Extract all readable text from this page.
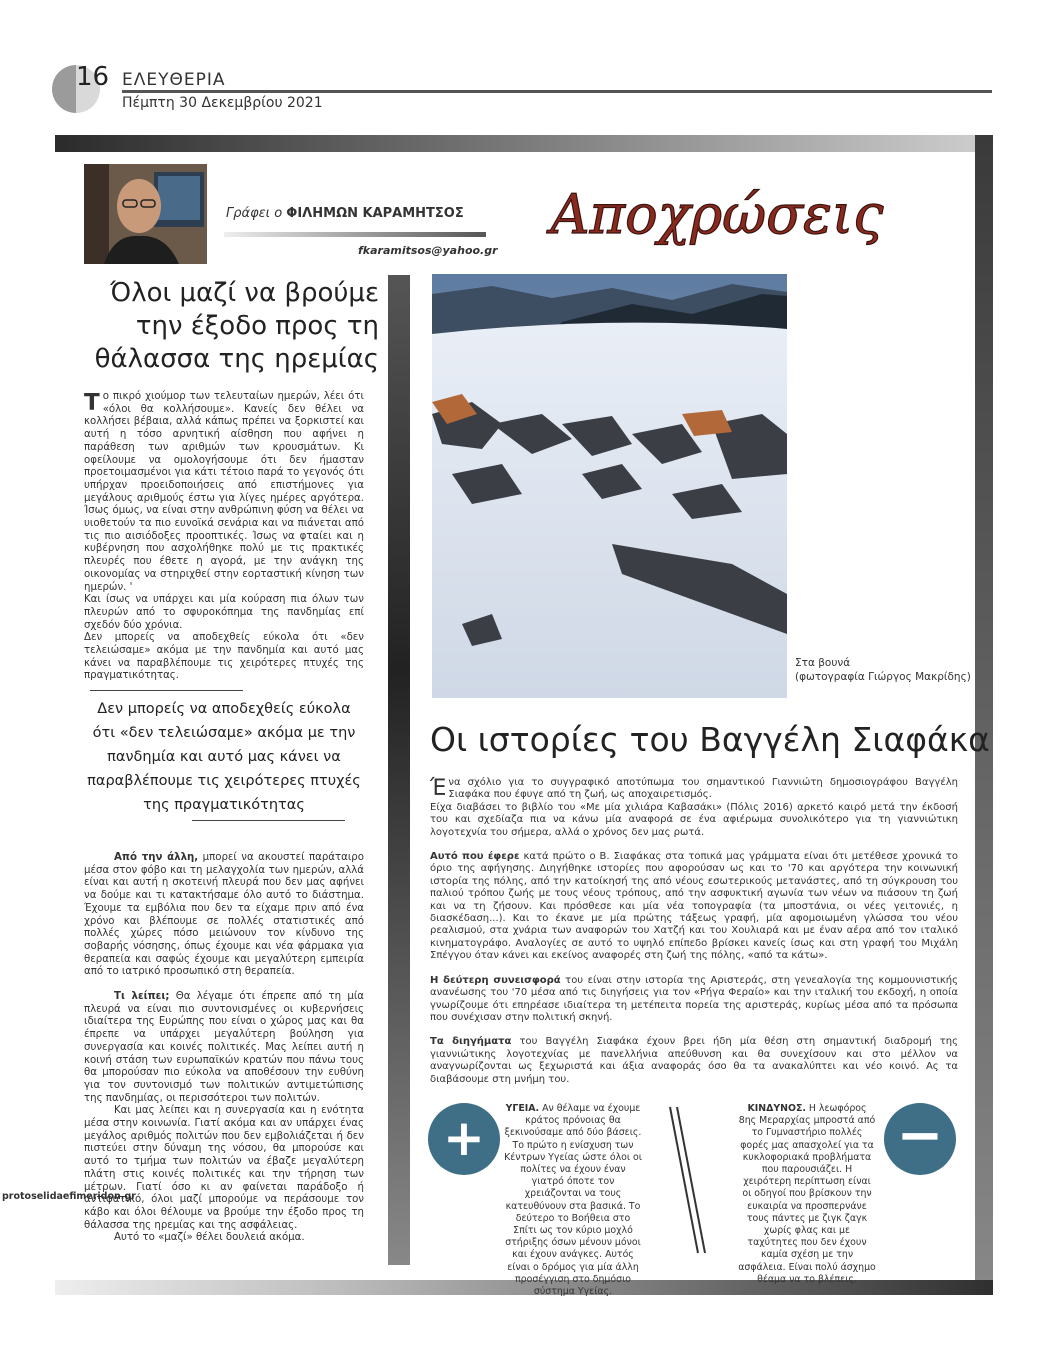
16 ΕΛΕΥΘΕΡΙΑ
Πέμπτη 30 Δεκεμβρίου 2021
Γράφει ο ΦΙΛΗΜΩΝ ΚΑΡΑΜΗΤΣΟΣ
fkaramitsos@yahoo.gr
Αποχρώσεις
Όλοι μαζί να βρούμε την έξοδο προς τη θάλασσα της ηρεμίας

Το πικρό χιούμορ των τελευταίων ημερών, λέει ότι «όλοι θα κολλήσουμε». Κανείς δεν θέλει να κολλήσει βέβαια, αλλά κάπως πρέπει να ξορκιστεί και αυτή η τόσο αρνητική αίσθηση που αφήνει η παράθεση των αριθμών των κρουσμάτων. Κι οφείλουμε να ομολογήσουμε ότι δεν ήμασταν προετοιμασμένοι για κάτι τέτοιο παρά το γεγονός ότι υπήρχαν προειδοποιήσεις από επιστήμονες για μεγάλους αριθμούς έστω για λίγες ημέρες αργότερα. Ίσως όμως, να είναι στην ανθρώπινη φύση να θέλει να υιοθετούν τα πιο ευνοϊκά σενάρια και να πιάνεται από τις πιο αισιόδοξες προοπτικές. Ίσως να φταίει και η κυβέρνηση που ασχολήθηκε πολύ με τις πρακτικές πλευρές που έθετε η αγορά, με την ανάγκη της οικονομίας να στηριχθεί στην εορταστική κίνηση των ημερών. '

Και ίσως να υπάρχει και μία κούραση πια όλων των πλευρών από το σφυροκόπημα της πανδημίας επί σχεδόν δύο χρόνια.

Δεν μπορείς να αποδεχθείς εύκολα ότι «δεν τελειώσαμε» ακόμα με την πανδημία και αυτό μας κάνει να παραβλέπουμε τις χειρότερες πτυχές της πραγματικότητας.

Δεν μπορείς να αποδεχθείς εύκολα ότι «δεν τελειώσαμε» ακόμα με την πανδημία και αυτό μας κάνει να παραβλέπουμε τις χειρότερες πτυχές της πραγματικότητας

Από την άλλη, μπορεί να ακουστεί παράταιρο μέσα στον φόβο και τη μελαγχολία των ημερών, αλλά είναι και αυτή η σκοτεινή πλευρά που δεν μας αφήνει να δούμε και τι κατακτήσαμε όλο αυτό το διάστημα. Έχουμε τα εμβόλια που δεν τα είχαμε πριν από ένα χρόνο και βλέπουμε σε πολλές στατιστικές από πολλές χώρες πόσο μειώνουν τον κίνδυνο της σοβαρής νόσησης, όπως έχουμε και νέα φάρμακα για θεραπεία και σαφώς έχουμε και μεγαλύτερη εμπειρία από το ιατρικό προσωπικό στη θεραπεία.

Τι λείπει; Θα λέγαμε ότι έπρεπε από τη μία πλευρά να είναι πιο συντονισμένες οι κυβερνήσεις ιδιαίτερα της Ευρώπης που είναι ο χώρος μας και θα έπρεπε να υπάρχει μεγαλύτερη βούληση για συνεργασία και κοινές πολιτικές. Μας λείπει αυτή η κοινή στάση των ευρωπαϊκών κρατών που πάνω τους θα μπορούσαν πιο εύκολα να αποθέσουν την ευθύνη για τον συντονισμό των πολιτικών αντιμετώπισης της πανδημίας, οι περισσότεροι των πολιτών.

Και μας λείπει και η συνεργασία και η ενότητα μέσα στην κοινωνία. Γιατί ακόμα και αν υπάρχει ένας μεγάλος αριθμός πολιτών που δεν εμβολιάζεται ή δεν πιστεύει στην δύναμη της νόσου, θα μπορούσε και αυτό το τμήμα των πολιτών να έβαζε μεγαλύτερη πλάτη στις κοινές πολιτικές και την τήρηση των μέτρων. Γιατί όσο κι αν φαίνεται παράδοξο ή αντιφατικό, όλοι μαζί μπορούμε να περάσουμε τον κάβο και όλοι θέλουμε να βρούμε την έξοδο προς τη θάλασσα της ηρεμίας και της ασφάλειας.

Αυτό το «μαζί» θέλει δουλειά ακόμα.

Στα βουνά
(φωτογραφία Γιώργος Μακρίδης)
Οι ιστορίες του Βαγγέλη Σιαφάκα

Ένα σχόλιο για το συγγραφικό αποτύπωμα του σημαντικού Γιαννιώτη δημοσιογράφου Βαγγέλη Σιαφάκα που έφυγε από τη ζωή, ως αποχαιρετισμός.

Είχα διαβάσει το βιβλίο του «Με μία χιλιάρα Καβασάκι» (Πόλις 2016) αρκετό καιρό μετά την έκδοσή του και σχεδίαζα πια να κάνω μία αναφορά σε ένα αφιέρωμα συνολικότερο για τη γιαννιώτικη λογοτεχνία του σήμερα, αλλά ο χρόνος δεν μας ρωτά.

Αυτό που έφερε κατά πρώτο ο Β. Σιαφάκας στα τοπικά μας γράμματα είναι ότι μετέθεσε χρονικά το όριο της αφήγησης. Διηγήθηκε ιστορίες που αφορούσαν ως και το '70 και αργότερα την κοινωνική ιστορία της πόλης, από την κατοίκησή της από νέους εσωτερικούς μετανάστες, από τη σύγκρουση του παλιού τρόπου ζωής με τους νέους τρόπους, από την ασφυκτική αγωνία των νέων να πιάσουν τη ζωή και να τη ζήσουν. Και πρόσθεσε και μία νέα τοπογραφία (τα μποστάνια, οι νέες γειτονιές, η διασκέδαση...). Και το έκανε με μία πρώτης τάξεως γραφή, μία αφομοιωμένη γλώσσα του νέου ρεαλισμού, στα χνάρια των αναφορών του Χατζή και του Χουλιαρά και με έναν αέρα από τον ιταλικό κινηματογράφο. Αναλογίες σε αυτό το υψηλό επίπεδο βρίσκει κανείς ίσως και στη γραφή του Μιχάλη Σπέγγου όταν κάνει και εκείνος αναφορές στη ζωή της πόλης, «από τα κάτω».

Η δεύτερη συνεισφορά του είναι στην ιστορία της Αριστεράς, στη γενεαλογία της κομμουνιστικής ανανέωσης του '70 μέσα από τις διηγήσεις για τον «Ρήγα Φεραίο» και την ιταλική του εκδοχή, η οποία γνωρίζουμε ότι επηρέασε ιδιαίτερα τη μετέπειτα πορεία της αριστεράς, κυρίως μέσα από τα πρόσωπα που συνέχισαν στην πολιτική σκηνή.

Τα διηγήματα του Βαγγέλη Σιαφάκα έχουν βρει ήδη μία θέση στη σημαντική διαδρομή της γιαννιώτικης λογοτεχνίας με πανελλήνια απεύθυνση και θα συνεχίσουν και στο μέλλον να αναγνωρίζονται ως ξεχωριστά και άξια αναφοράς όσο θα τα ανακαλύπτει και νέο κοινό. Ας τα διαβάσουμε στη μνήμη του.

+
ΥΓΕΙΑ. Αν θέλαμε να έχουμε κράτος πρόνοιας θα ξεκινούσαμε από δύο βάσεις. Το πρώτο η ενίσχυση των Κέντρων Υγείας ώστε όλοι οι πολίτες να έχουν έναν γιατρό όποτε τον χρειάζονται να τους κατευθύνουν στα βασικά. Το δεύτερο το Βοήθεια στο Σπίτι ως τον κύριο μοχλό στήριξης όσων μένουν μόνοι και έχουν ανάγκες. Αυτός είναι ο δρόμος για μία άλλη προσέγγιση στο δημόσιο σύστημα Υγείας.
ΚΙΝΔΥΝΟΣ. Η λεωφόρος 8ης Μεραρχίας μπροστά από το Γυμναστήριο πολλές φορές μας απασχολεί για τα κυκλοφοριακά προβλήματα που παρουσιάζει. Η χειρότερη περίπτωση είναι οι οδηγοί που βρίσκουν την ευκαιρία να προσπερνάνε τους πάντες με ζιγκ ζαγκ χωρίς φλας και με ταχύτητες που δεν έχουν καμία σχέση με την ασφάλεια. Είναι πολύ άσχημο θέαμα να το βλέπεις.
−
protoselidaefimeridon.gr
